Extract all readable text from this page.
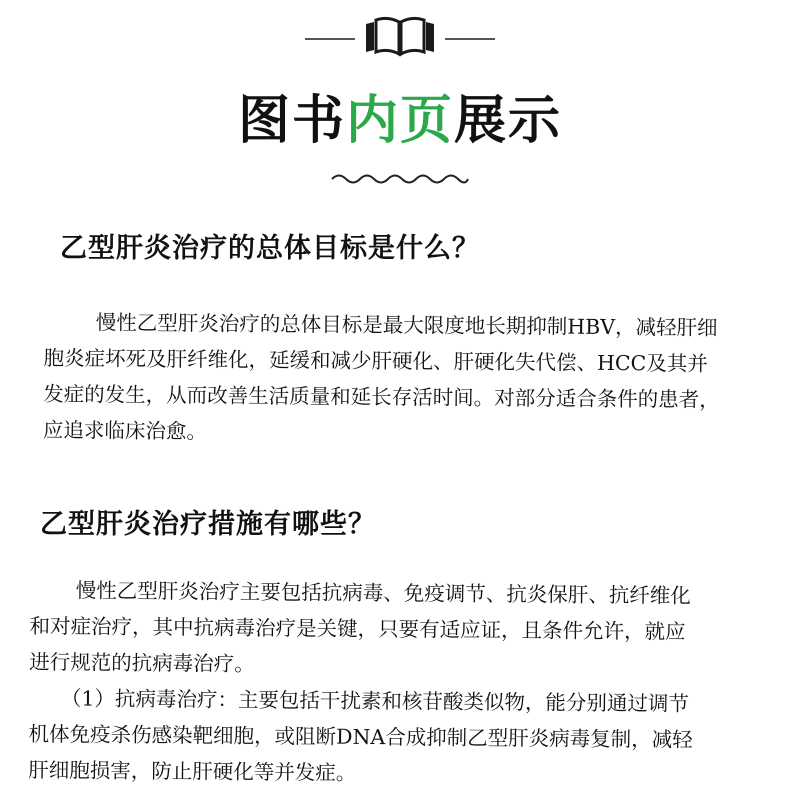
图书内页展示
乙型肝炎治疗的总体目标是什么？

慢性乙型肝炎治疗的总体目标是最大限度地长期抑制HBV，减轻肝细

胞炎症坏死及肝纤维化，延缓和减少肝硬化、肝硬化失代偿、HCC及其并

发症的发生，从而改善生活质量和延长存活时间。对部分适合条件的患者，

应追求临床治愈。

乙型肝炎治疗措施有哪些？

慢性乙型肝炎治疗主要包括抗病毒、免疫调节、抗炎保肝、抗纤维化

和对症治疗，其中抗病毒治疗是关键，只要有适应证，且条件允许，就应

进行规范的抗病毒治疗。

（1）抗病毒治疗：主要包括干扰素和核苷酸类似物，能分别通过调节

机体免疫杀伤感染靶细胞，或阻断DNA合成抑制乙型肝炎病毒复制，减轻

肝细胞损害，防止肝硬化等并发症。
